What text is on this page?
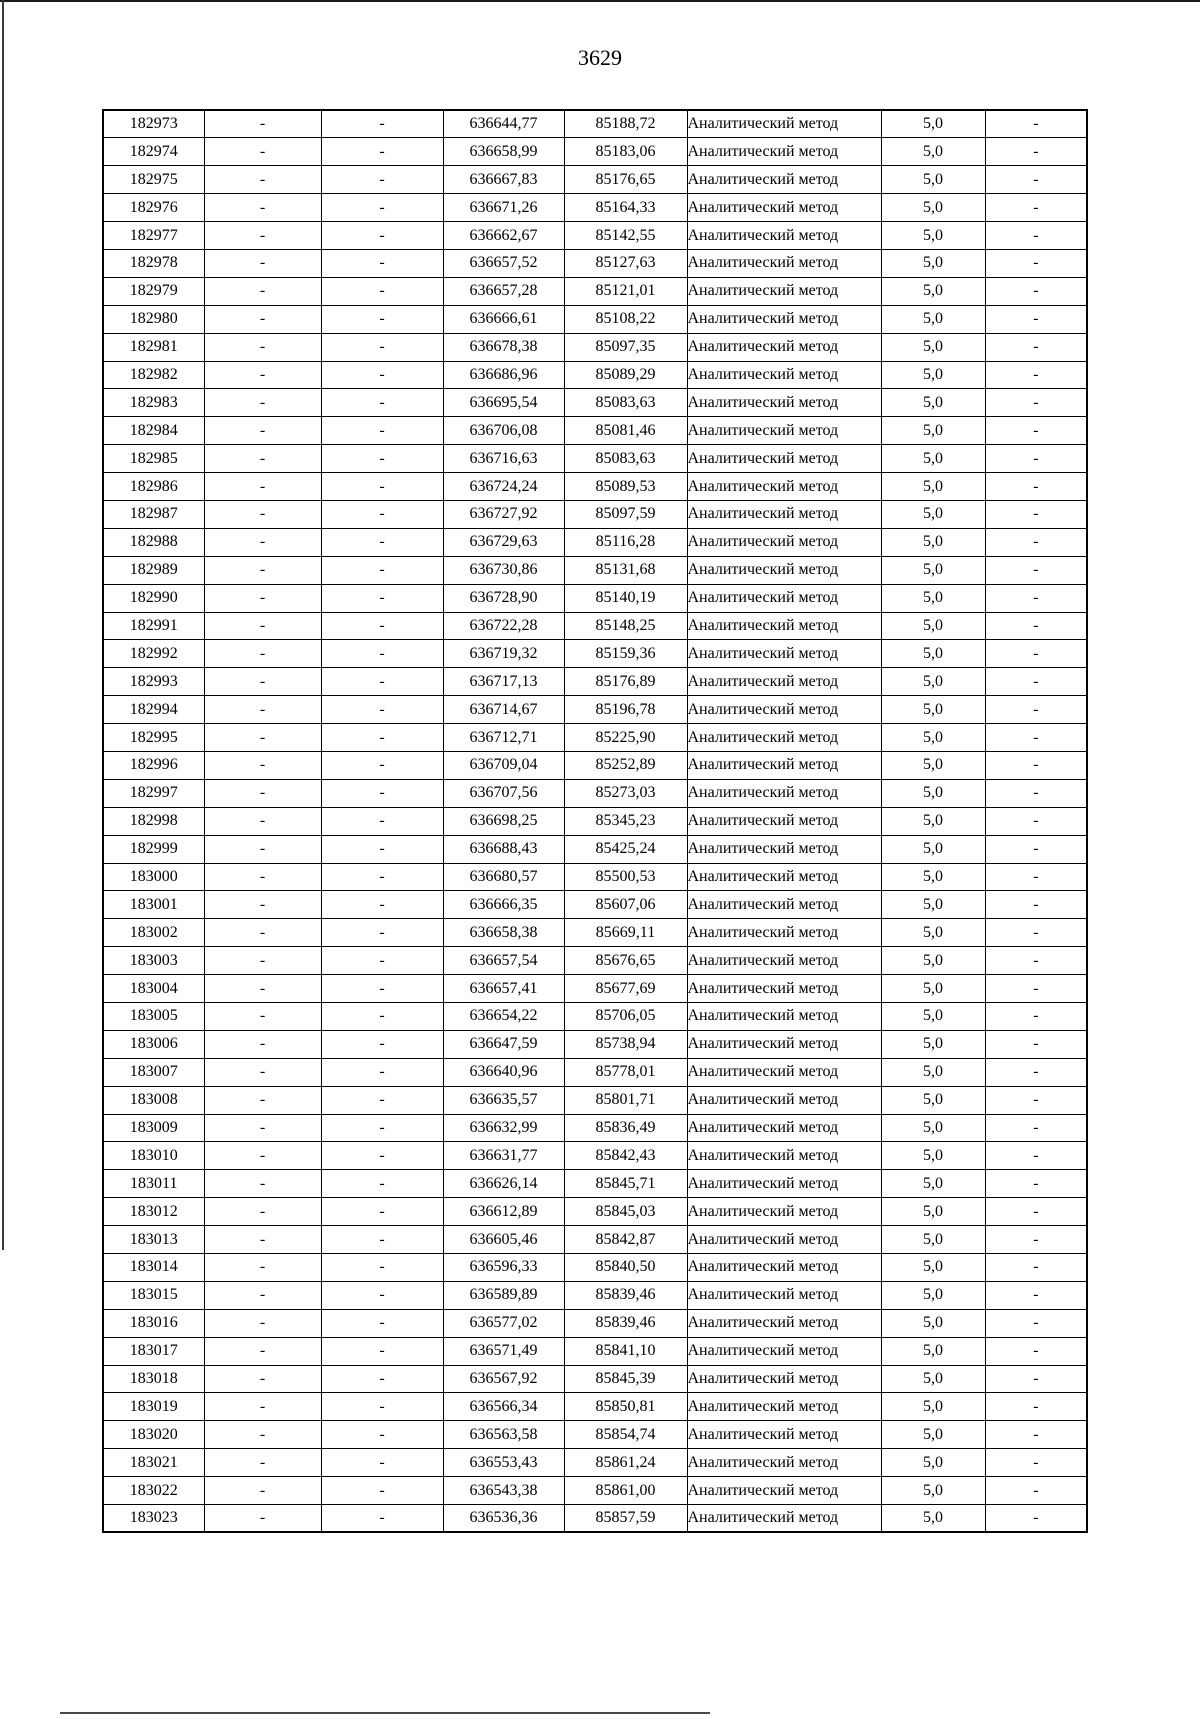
3629
182973	-	-	636644,77	85188,72	Аналитический метод	5,0	-
182974	-	-	636658,99	85183,06	Аналитический метод	5,0	-
182975	-	-	636667,83	85176,65	Аналитический метод	5,0	-
182976	-	-	636671,26	85164,33	Аналитический метод	5,0	-
182977	-	-	636662,67	85142,55	Аналитический метод	5,0	-
182978	-	-	636657,52	85127,63	Аналитический метод	5,0	-
182979	-	-	636657,28	85121,01	Аналитический метод	5,0	-
182980	-	-	636666,61	85108,22	Аналитический метод	5,0	-
182981	-	-	636678,38	85097,35	Аналитический метод	5,0	-
182982	-	-	636686,96	85089,29	Аналитический метод	5,0	-
182983	-	-	636695,54	85083,63	Аналитический метод	5,0	-
182984	-	-	636706,08	85081,46	Аналитический метод	5,0	-
182985	-	-	636716,63	85083,63	Аналитический метод	5,0	-
182986	-	-	636724,24	85089,53	Аналитический метод	5,0	-
182987	-	-	636727,92	85097,59	Аналитический метод	5,0	-
182988	-	-	636729,63	85116,28	Аналитический метод	5,0	-
182989	-	-	636730,86	85131,68	Аналитический метод	5,0	-
182990	-	-	636728,90	85140,19	Аналитический метод	5,0	-
182991	-	-	636722,28	85148,25	Аналитический метод	5,0	-
182992	-	-	636719,32	85159,36	Аналитический метод	5,0	-
182993	-	-	636717,13	85176,89	Аналитический метод	5,0	-
182994	-	-	636714,67	85196,78	Аналитический метод	5,0	-
182995	-	-	636712,71	85225,90	Аналитический метод	5,0	-
182996	-	-	636709,04	85252,89	Аналитический метод	5,0	-
182997	-	-	636707,56	85273,03	Аналитический метод	5,0	-
182998	-	-	636698,25	85345,23	Аналитический метод	5,0	-
182999	-	-	636688,43	85425,24	Аналитический метод	5,0	-
183000	-	-	636680,57	85500,53	Аналитический метод	5,0	-
183001	-	-	636666,35	85607,06	Аналитический метод	5,0	-
183002	-	-	636658,38	85669,11	Аналитический метод	5,0	-
183003	-	-	636657,54	85676,65	Аналитический метод	5,0	-
183004	-	-	636657,41	85677,69	Аналитический метод	5,0	-
183005	-	-	636654,22	85706,05	Аналитический метод	5,0	-
183006	-	-	636647,59	85738,94	Аналитический метод	5,0	-
183007	-	-	636640,96	85778,01	Аналитический метод	5,0	-
183008	-	-	636635,57	85801,71	Аналитический метод	5,0	-
183009	-	-	636632,99	85836,49	Аналитический метод	5,0	-
183010	-	-	636631,77	85842,43	Аналитический метод	5,0	-
183011	-	-	636626,14	85845,71	Аналитический метод	5,0	-
183012	-	-	636612,89	85845,03	Аналитический метод	5,0	-
183013	-	-	636605,46	85842,87	Аналитический метод	5,0	-
183014	-	-	636596,33	85840,50	Аналитический метод	5,0	-
183015	-	-	636589,89	85839,46	Аналитический метод	5,0	-
183016	-	-	636577,02	85839,46	Аналитический метод	5,0	-
183017	-	-	636571,49	85841,10	Аналитический метод	5,0	-
183018	-	-	636567,92	85845,39	Аналитический метод	5,0	-
183019	-	-	636566,34	85850,81	Аналитический метод	5,0	-
183020	-	-	636563,58	85854,74	Аналитический метод	5,0	-
183021	-	-	636553,43	85861,24	Аналитический метод	5,0	-
183022	-	-	636543,38	85861,00	Аналитический метод	5,0	-
183023	-	-	636536,36	85857,59	Аналитический метод	5,0	-
